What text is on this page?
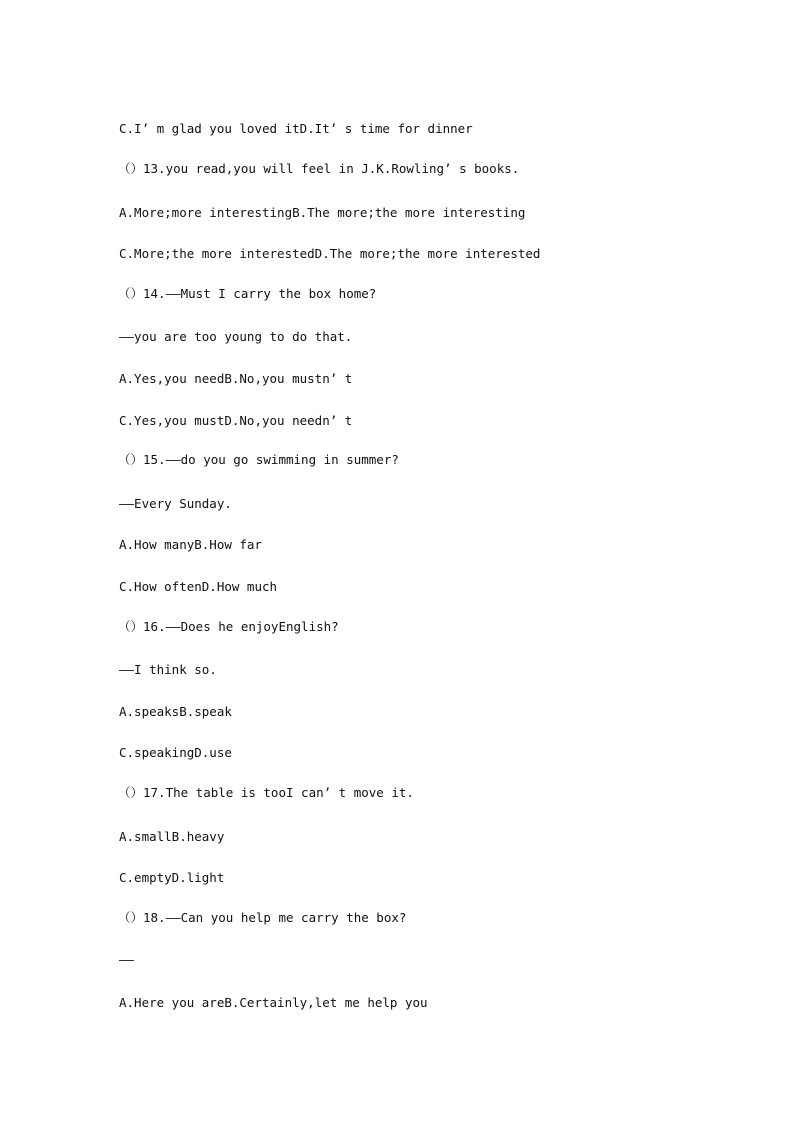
C.I’ m glad you loved itD.It’ s time for dinner
（）13.you read,you will feel in J.K.Rowling’ s books.
A.More;more interestingB.The more;the more interesting
C.More;the more interestedD.The more;the more interested
（）14.——Must I carry the box home?
——you are too young to do that.
A.Yes,you needB.No,you mustn’ t
C.Yes,you mustD.No,you needn’ t
（）15.——do you go swimming in summer?
——Every Sunday.
A.How manyB.How far
C.How oftenD.How much
（）16.——Does he enjoyEnglish?
——I think so.
A.speaksB.speak
C.speakingD.use
（）17.The table is tooI can’ t move it.
A.smallB.heavy
C.emptyD.light
（）18.——Can you help me carry the box?
——
A.Here you areB.Certainly,let me help you
